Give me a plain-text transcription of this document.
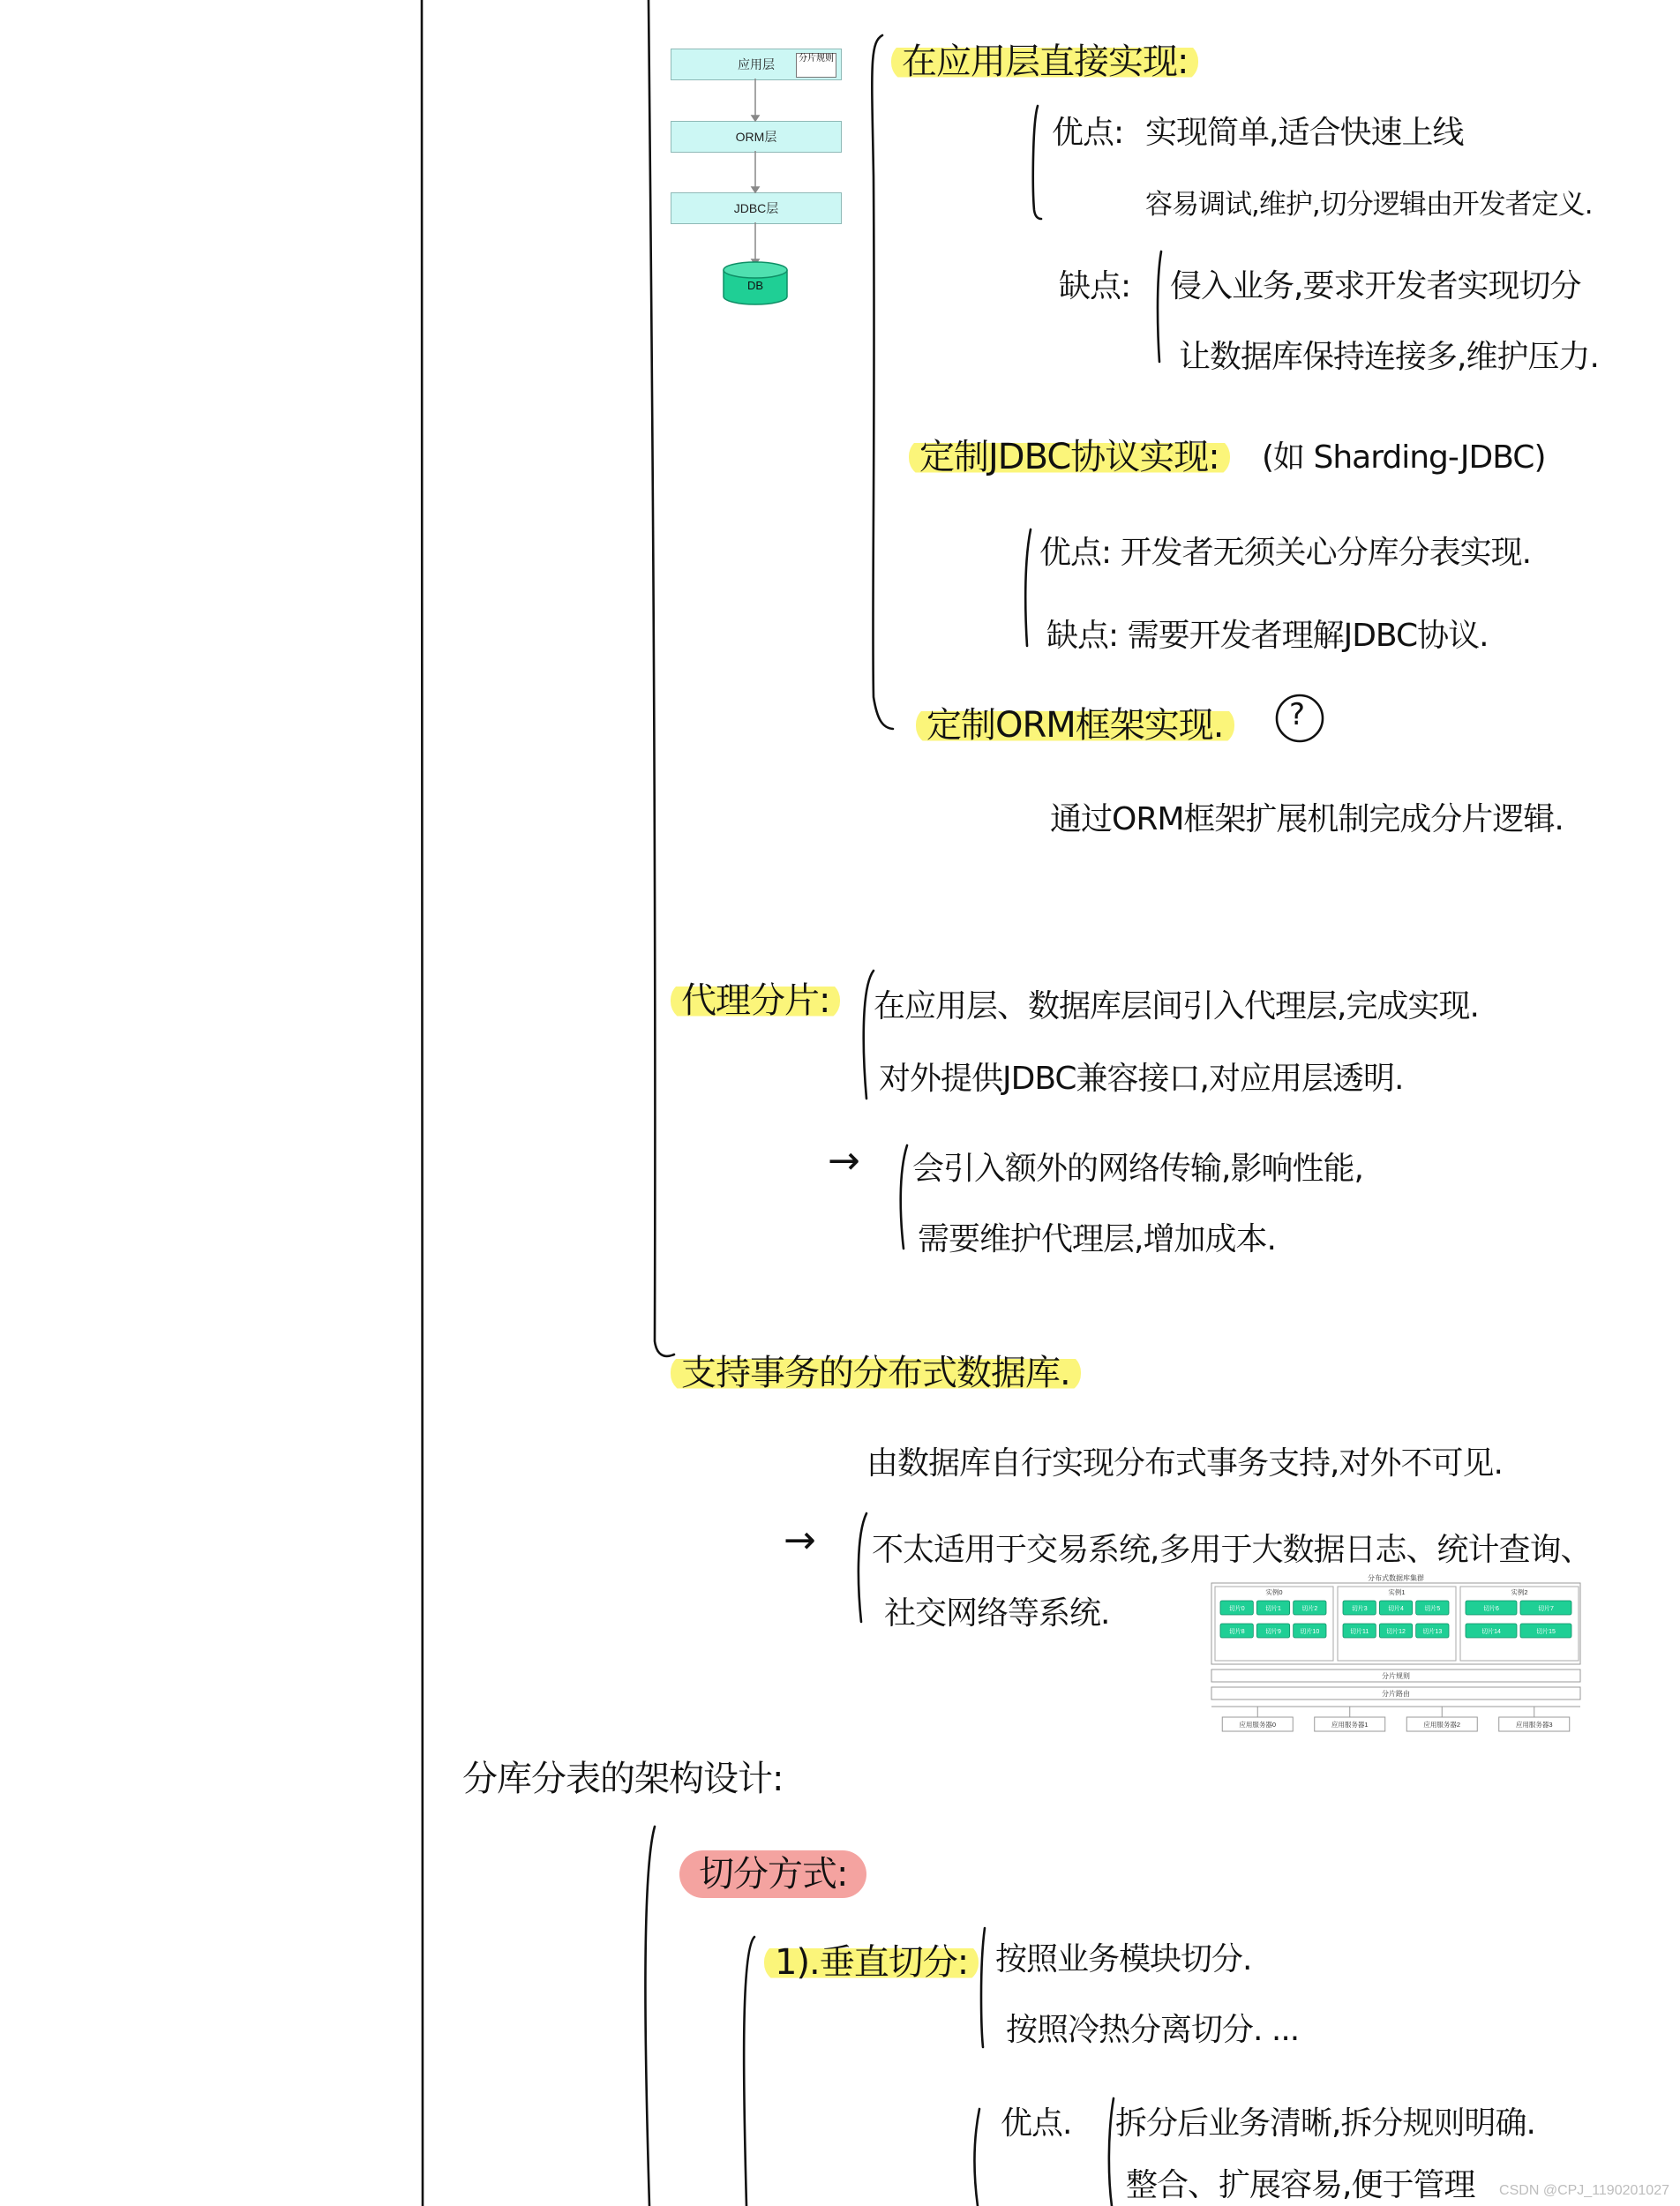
应用层	分片规则
ORM层
JDBC层
DB
在应用层直接实现:
优点: 实现简单,适合快速上线
容易调试,维护,切分逻辑由开发者定义.
缺点: 侵入业务,要求开发者实现切分
让数据库保持连接多,维护压力.
定制JDBC协议实现:	(如 Sharding-JDBC)
优点: 开发者无须关心分库分表实现.
缺点: 需要开发者理解JDBC协议.
定制ORM框架实现.	?
通过ORM框架扩展机制完成分片逻辑.
代理分片:	在应用层、数据库层间引入代理层,完成实现.
对外提供JDBC兼容接口,对应用层透明.
→ 会引入额外的网络传输,影响性能,
需要维护代理层,增加成本.
支持事务的分布式数据库.
由数据库自行实现分布式事务支持,对外不可见.
→ 不太适用于交易系统,多用于大数据日志、统计查询、
社交网络等系统.
分布式数据库集群
实例0
切片0	切片1	切片2
切片8	切片9	切片10
实例1
切片3	切片4	切片5
切片11	切片12	切片13
实例2
切片6	切片7
切片14	切片15
分片规则
分片路由
应用服务器0	应用服务器1	应用服务器2	应用服务器3
分库分表的架构设计:
切分方式:
1).垂直切分: 按照业务模块切分.
按照冷热分离切分. ...
优点. 拆分后业务清晰,拆分规则明确.
整合、扩展容易,便于管理 CSDN @CPJ_1190201027
